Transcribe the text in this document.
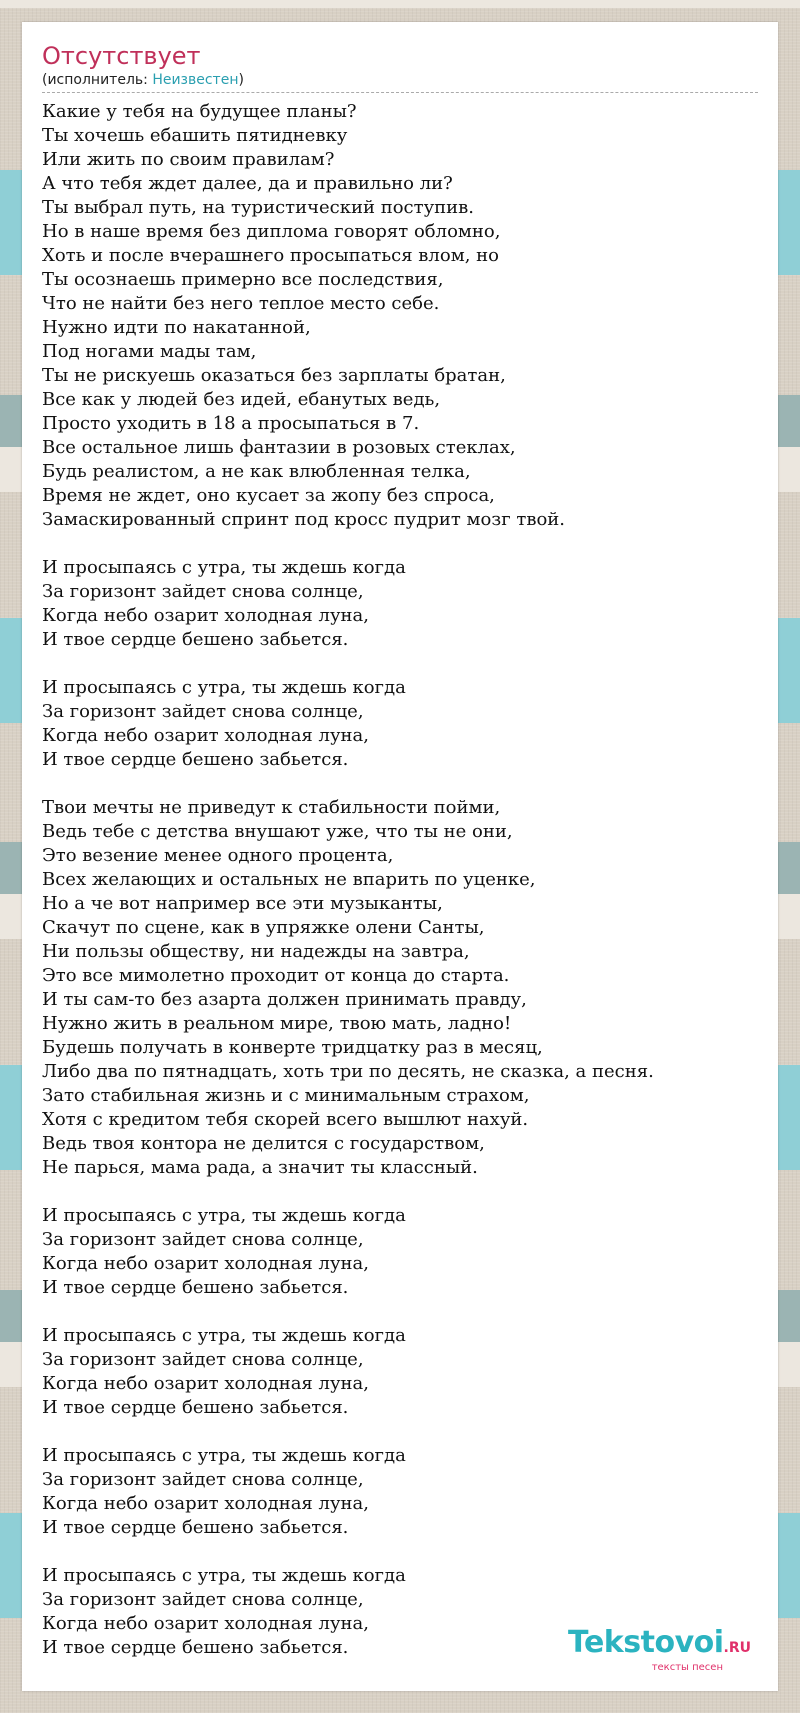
Отсутствует
(исполнитель: Неизвестен)
Какие у тебя на будущее планы?
Ты хочешь ебашить пятидневку
Или жить по своим правилам?
А что тебя ждет далее, да и правильно ли?
Ты выбрал путь, на туристический поступив.
Но в наше время без диплома говорят обломно,
Хоть и после вчерашнего просыпаться влом, но
Ты осознаешь примерно все последствия,
Что не найти без него теплое место себе.
Нужно идти по накатанной,
Под ногами мады там,
Ты не рискуешь оказаться без зарплаты братан,
Все как у людей без идей, ебанутых ведь,
Просто уходить в 18 а просыпаться в 7.
Все остальное лишь фантазии в розовых стеклах,
Будь реалистом, а не как влюбленная телка,
Время не ждет, оно кусает за жопу без спроса,
Замаскированный спринт под кросс пудрит мозг твой.
И просыпаясь с утра, ты ждешь когда
За горизонт зайдет снова солнце,
Когда небо озарит холодная луна,
И твое сердце бешено забьется.
И просыпаясь с утра, ты ждешь когда
За горизонт зайдет снова солнце,
Когда небо озарит холодная луна,
И твое сердце бешено забьется.
Твои мечты не приведут к стабильности пойми,
Ведь тебе с детства внушают уже, что ты не они,
Это везение менее одного процента,
Всех желающих и остальных не впарить по уценке,
Но а че вот например все эти музыканты,
Скачут по сцене, как в упряжке олени Санты,
Ни пользы обществу, ни надежды на завтра,
Это все мимолетно проходит от конца до старта.
И ты сам-то без азарта должен принимать правду,
Нужно жить в реальном мире, твою мать, ладно!
Будешь получать в конверте тридцатку раз в месяц,
Либо два по пятнадцать, хоть три по десять, не сказка, а песня.
Зато стабильная жизнь и с минимальным страхом,
Хотя с кредитом тебя скорей всего вышлют нахуй.
Ведь твоя контора не делится с государством,
Не парься, мама рада, а значит ты классный.
И просыпаясь с утра, ты ждешь когда
За горизонт зайдет снова солнце,
Когда небо озарит холодная луна,
И твое сердце бешено забьется.
И просыпаясь с утра, ты ждешь когда
За горизонт зайдет снова солнце,
Когда небо озарит холодная луна,
И твое сердце бешено забьется.
И просыпаясь с утра, ты ждешь когда
За горизонт зайдет снова солнце,
Когда небо озарит холодная луна,
И твое сердце бешено забьется.
И просыпаясь с утра, ты ждешь когда
За горизонт зайдет снова солнце,
Когда небо озарит холодная луна,
И твое сердце бешено забьется.	Tekstovoi.RU
тексты песен
